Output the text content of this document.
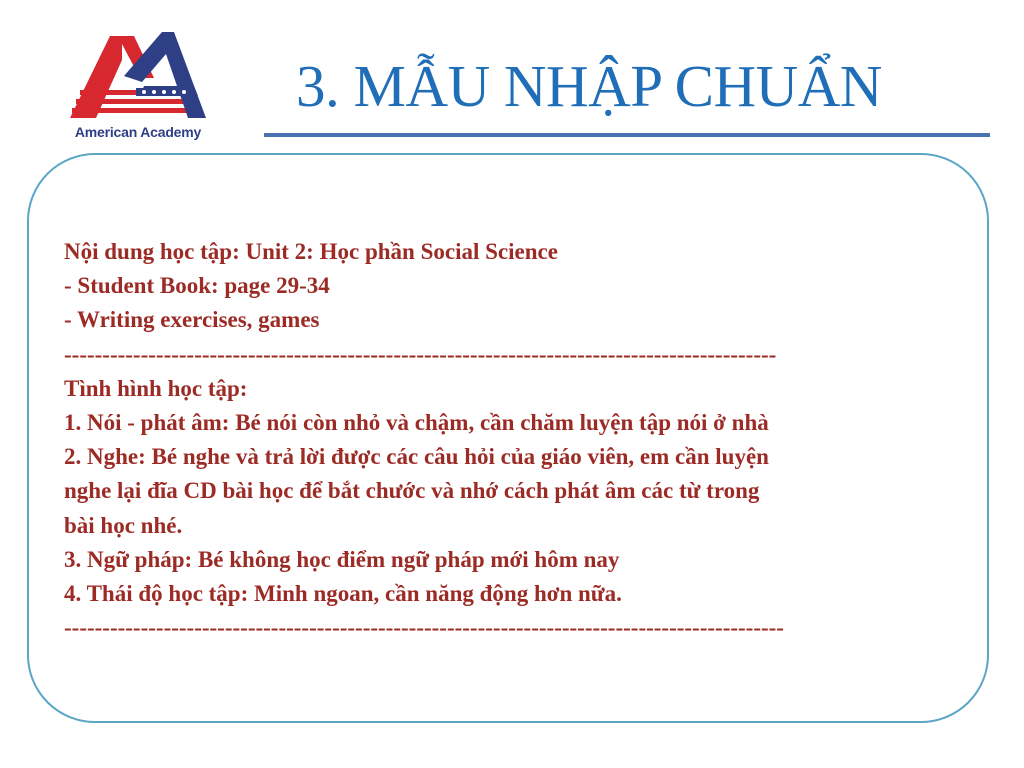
American Academy
3. MẪU NHẬP CHUẨN
Nội dung học tập: Unit 2: Học phần Social Science
- Student Book: page 29-34
- Writing exercises, games
---------------------------------------------------------------------------------------------
Tình hình học tập:
1. Nói - phát âm: Bé nói còn nhỏ và chậm, cần chăm luyện tập nói ở nhà
2. Nghe: Bé nghe và trả lời được các câu hỏi của giáo viên, em cần luyện
nghe lại đĩa CD bài học để bắt chước và nhớ cách phát âm các từ trong
bài học nhé.
3. Ngữ pháp: Bé không học điểm ngữ pháp mới hôm nay
4. Thái độ học tập: Minh ngoan, cần năng động hơn nữa.
----------------------------------------------------------------------------------------------
